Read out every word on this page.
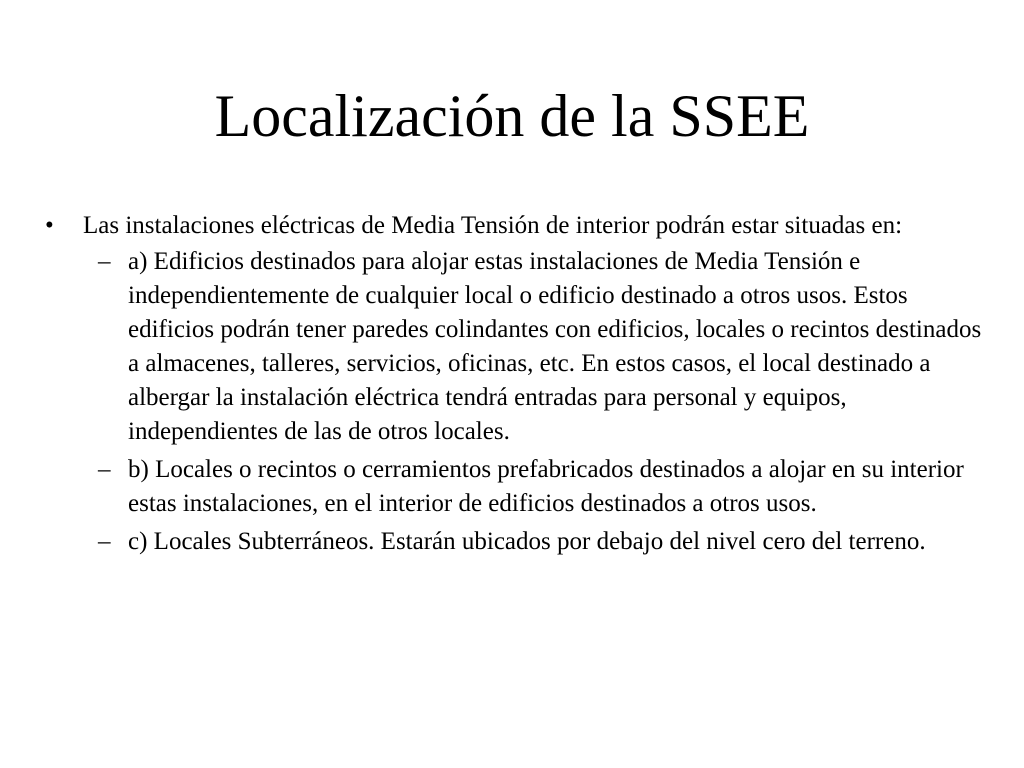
Localización de la SSEE
• Las instalaciones eléctricas de Media Tensión de interior podrán estar situadas en:
– a) Edificios destinados para alojar estas instalaciones de Media Tensión e independientemente de cualquier local o edificio destinado a otros usos. Estos edificios podrán tener paredes colindantes con edificios, locales o recintos destinados a almacenes, talleres, servicios, oficinas, etc. En estos casos, el local destinado a albergar la instalación eléctrica tendrá entradas para personal y equipos, independientes de las de otros locales.
– b) Locales o recintos o cerramientos prefabricados destinados a alojar en su interior estas instalaciones, en el interior de edificios destinados a otros usos.
– c) Locales Subterráneos. Estarán ubicados por debajo del nivel cero del terreno.
